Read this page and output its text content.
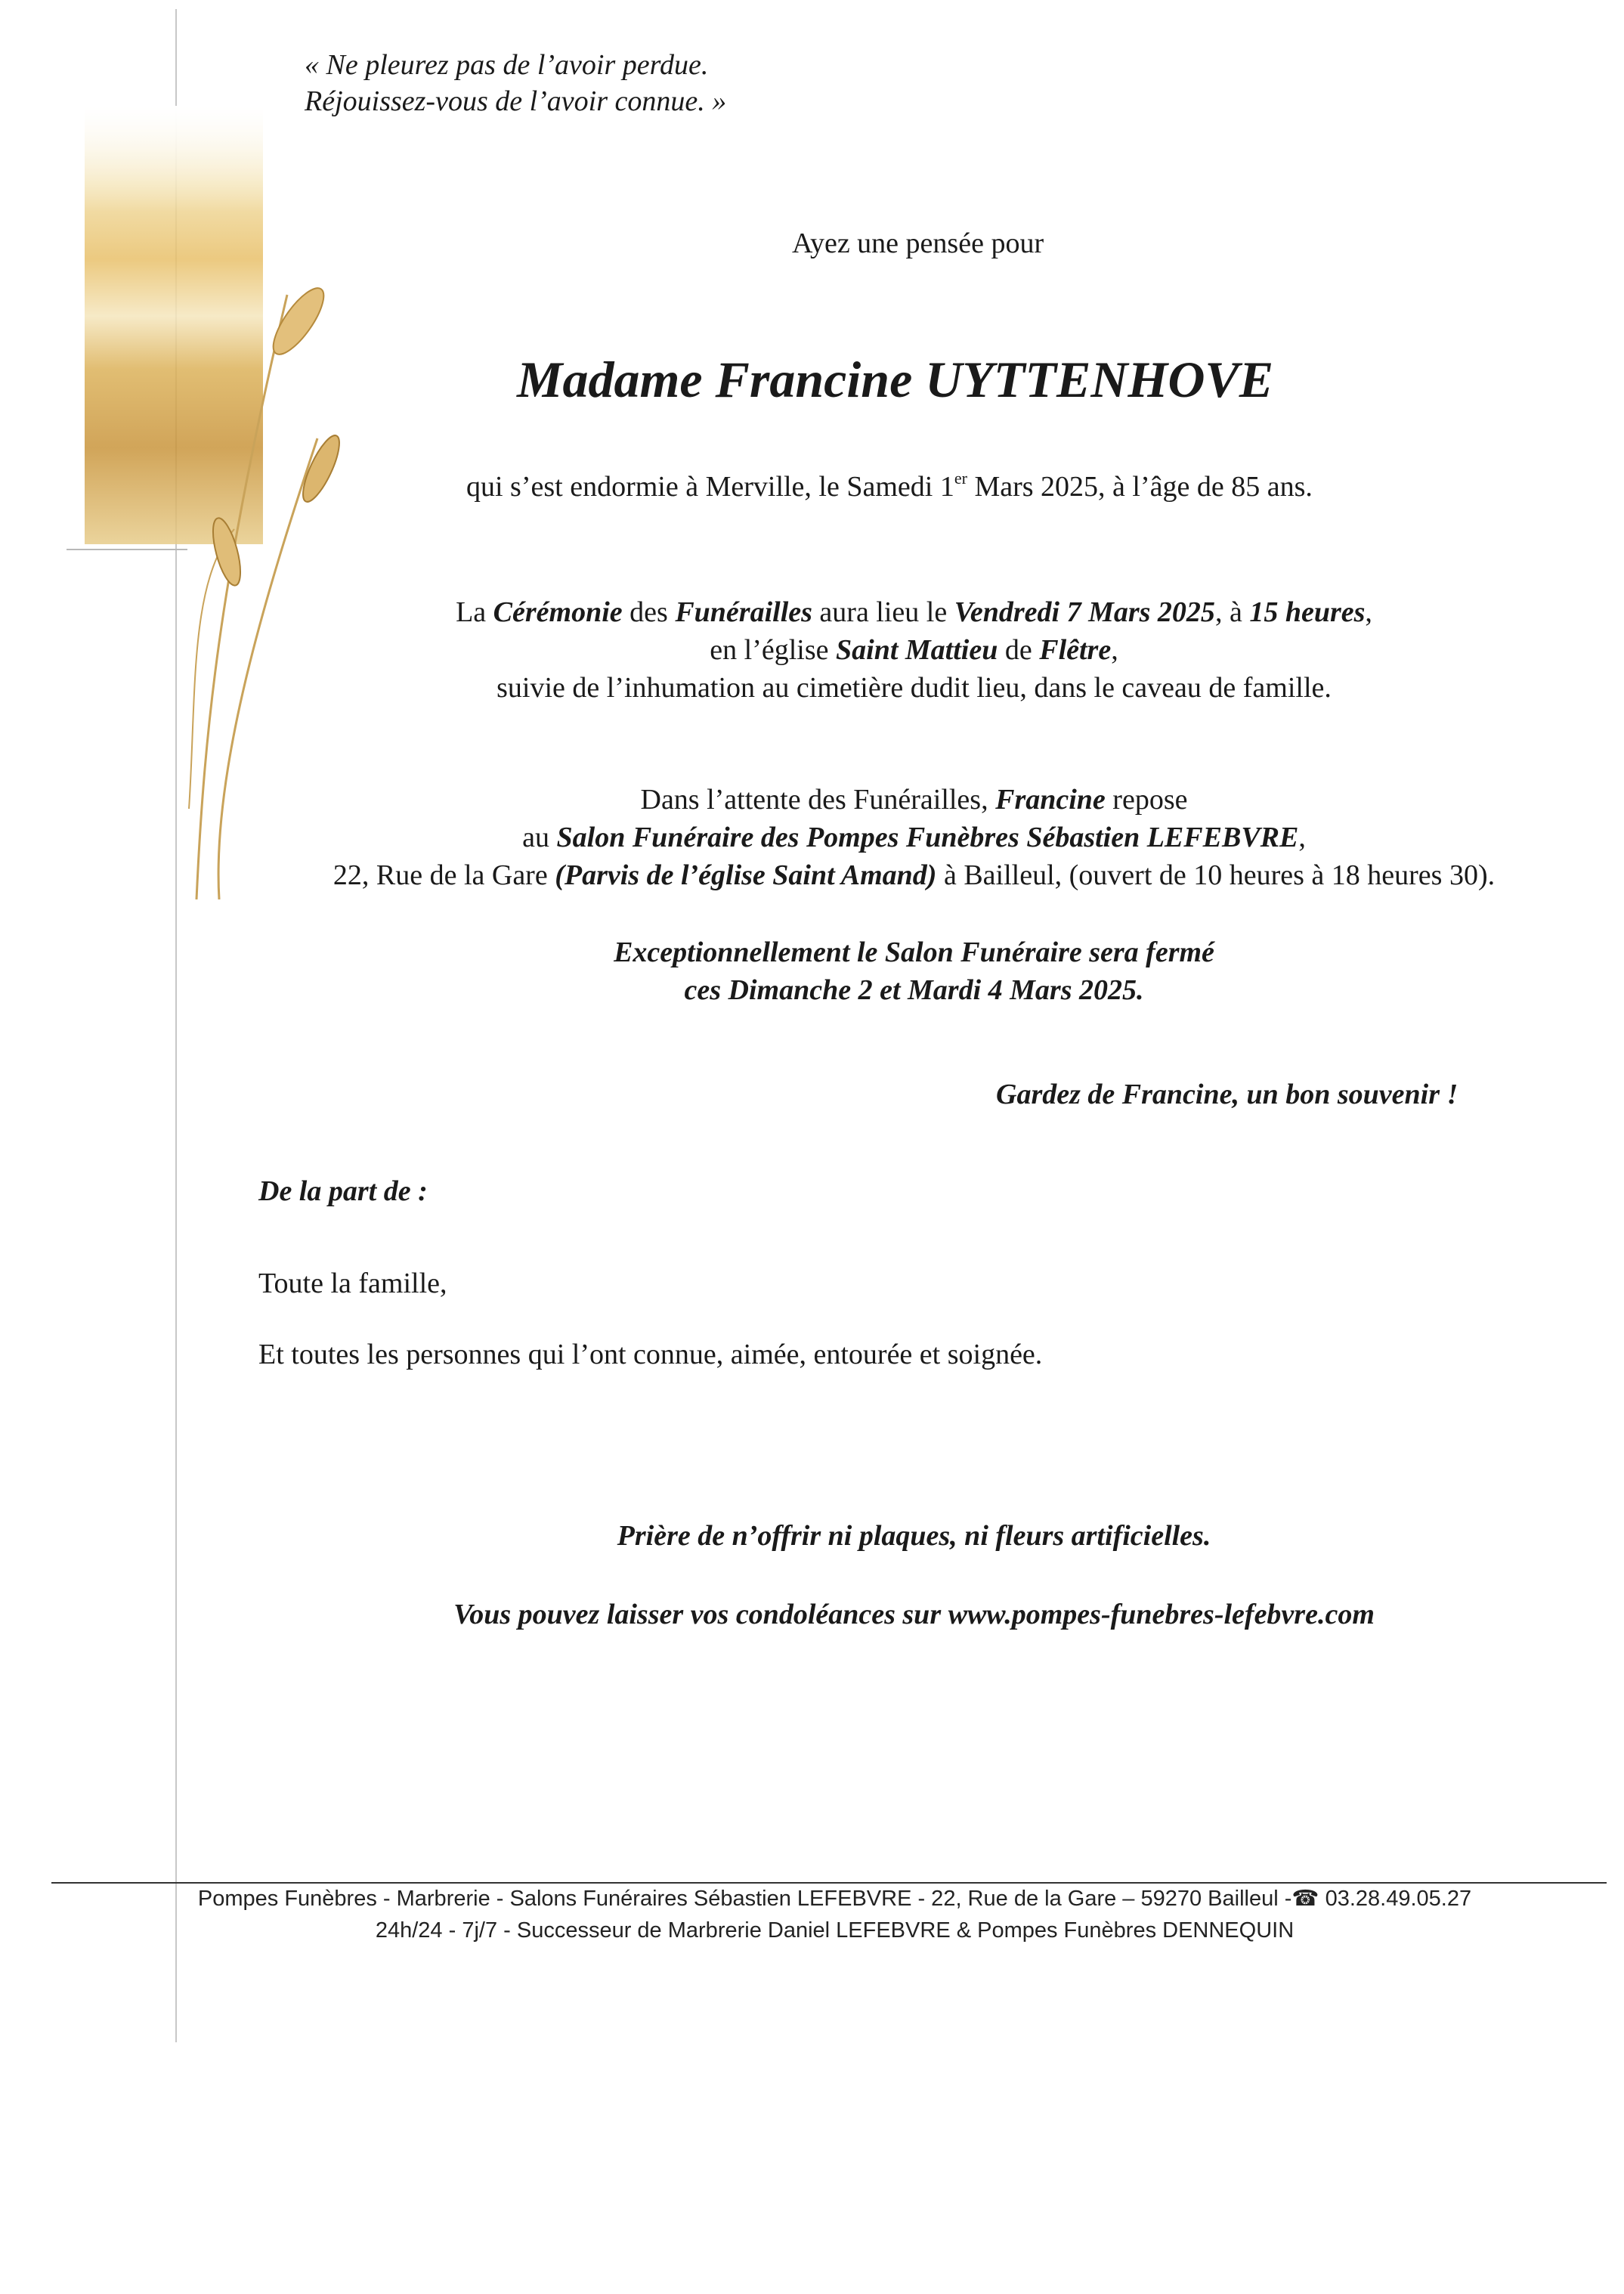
« Ne pleurez pas de l’avoir perdue.
Réjouissez-vous de l’avoir connue. »
Ayez une pensée pour
Madame Francine UYTTENHOVE
qui s’est endormie à Merville, le Samedi 1er Mars 2025, à l’âge de 85 ans.
La Cérémonie des Funérailles aura lieu le Vendredi 7 Mars 2025, à 15 heures,
en l’église Saint Mattieu de Flêtre,
suivie de l’inhumation au cimetière dudit lieu, dans le caveau de famille.
Dans l’attente des Funérailles, Francine repose
au Salon Funéraire des Pompes Funèbres Sébastien LEFEBVRE,
22, Rue de la Gare (Parvis de l’église Saint Amand) à Bailleul, (ouvert de 10 heures à 18 heures 30).
Exceptionnellement le Salon Funéraire sera fermé
ces Dimanche 2 et Mardi 4 Mars 2025.
Gardez de Francine, un bon souvenir !
De la part de :
Toute la famille,
Et toutes les personnes qui l’ont connue, aimée, entourée et soignée.
Prière de n’offrir ni plaques, ni fleurs artificielles.
Vous pouvez laisser vos condoléances sur www.pompes-funebres-lefebvre.com
Pompes Funèbres - Marbrerie - Salons Funéraires Sébastien LEFEBVRE - 22, Rue de la Gare – 59270 Bailleul -☎ 03.28.49.05.27
24h/24 - 7j/7 - Successeur de Marbrerie Daniel LEFEBVRE & Pompes Funèbres DENNEQUIN
